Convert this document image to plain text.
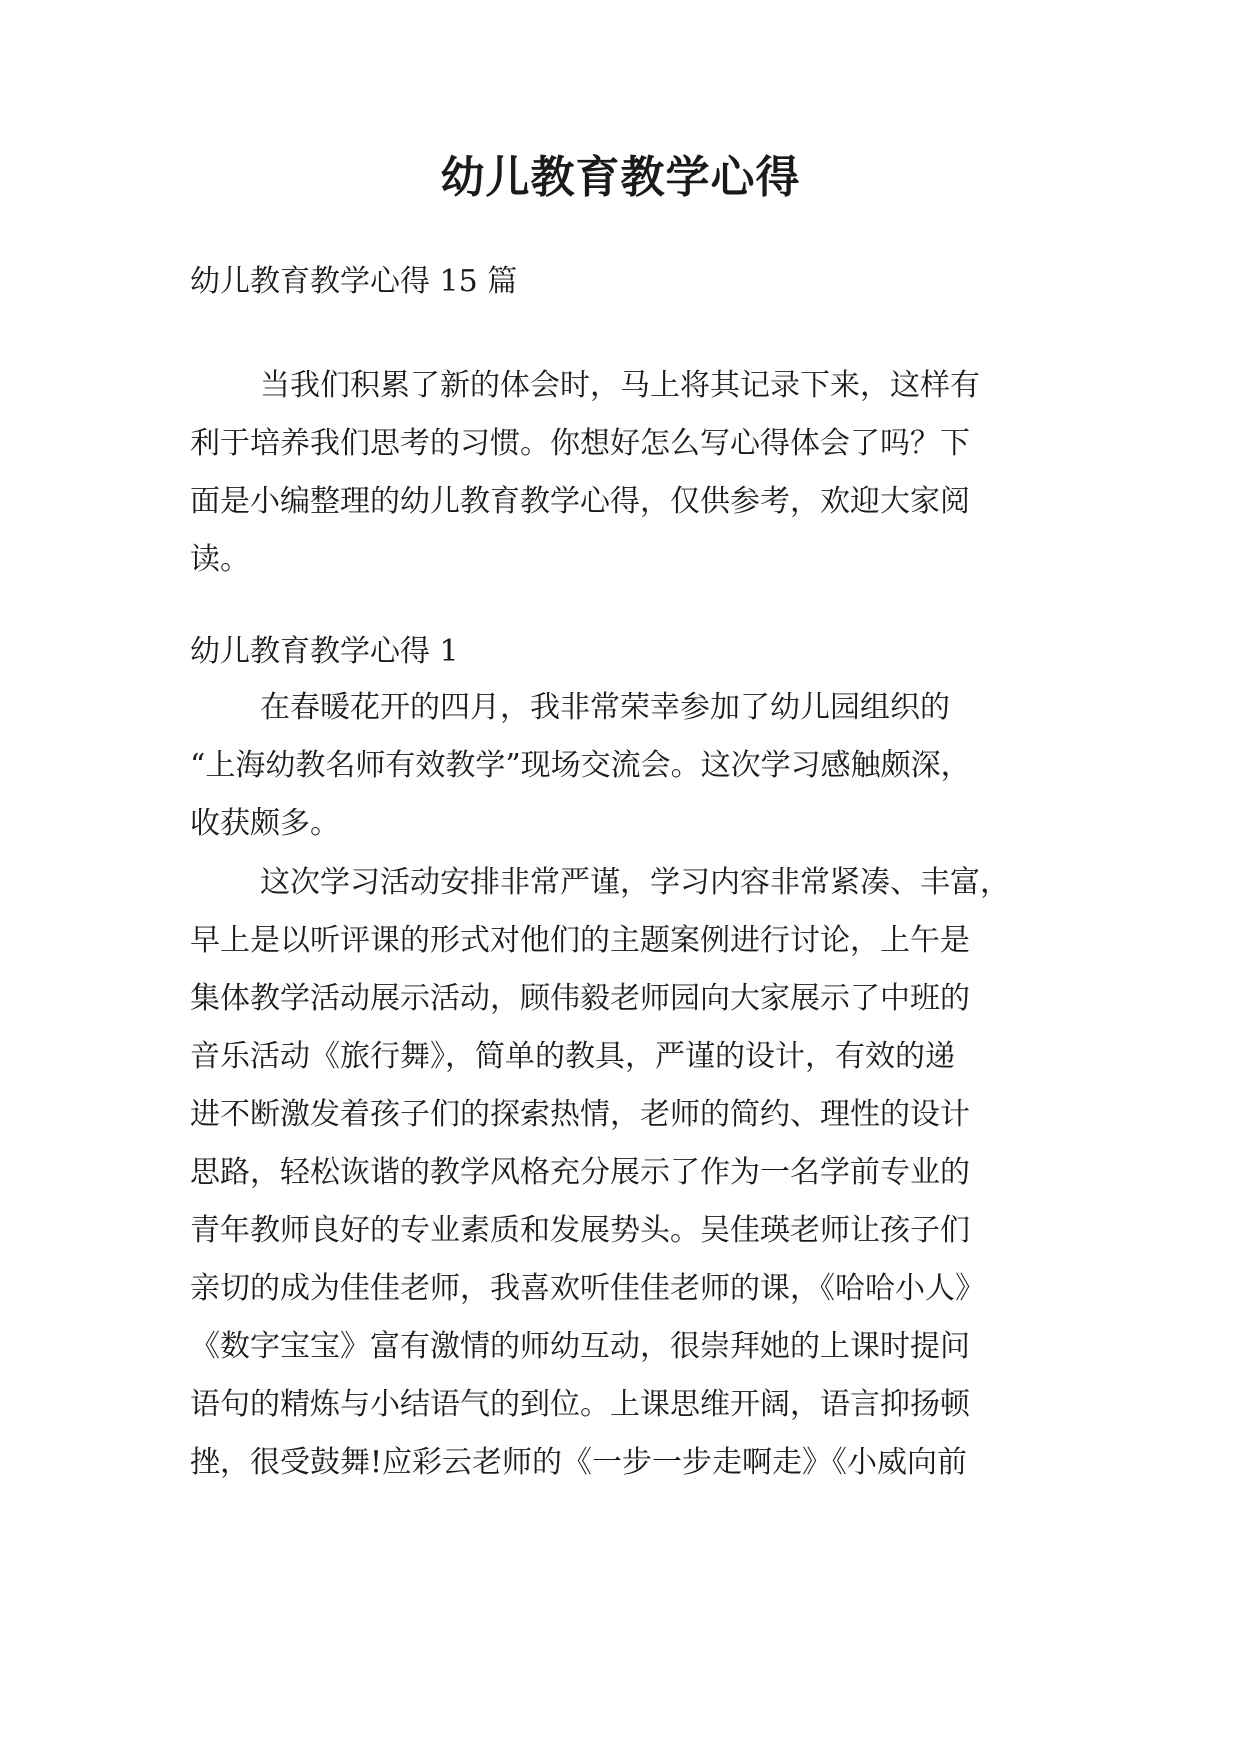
幼儿教育教学心得
幼儿教育教学心得 15 篇
当我们积累了新的体会时，马上将其记录下来，这样有
利于培养我们思考的习惯。你想好怎么写心得体会了吗？下
面是小编整理的幼儿教育教学心得，仅供参考，欢迎大家阅
读。
幼儿教育教学心得 1
在春暖花开的四月，我非常荣幸参加了幼儿园组织的
“上海幼教名师有效教学”现场交流会。这次学习感触颇深，
收获颇多。
这次学习活动安排非常严谨，学习内容非常紧凑、丰富，
早上是以听评课的形式对他们的主题案例进行讨论，上午是
集体教学活动展示活动，顾伟毅老师园向大家展示了中班的
音乐活动《旅行舞》，简单的教具，严谨的设计，有效的递
进不断激发着孩子们的探索热情，老师的简约、理性的设计
思路，轻松诙谐的教学风格充分展示了作为一名学前专业的
青年教师良好的专业素质和发展势头。吴佳瑛老师让孩子们
亲切的成为佳佳老师，我喜欢听佳佳老师的课，《哈哈小人》
《数字宝宝》富有激情的师幼互动，很崇拜她的上课时提问
语句的精炼与小结语气的到位。上课思维开阔，语言抑扬顿
挫，很受鼓舞!应彩云老师的《一步一步走啊走》《小威向前
